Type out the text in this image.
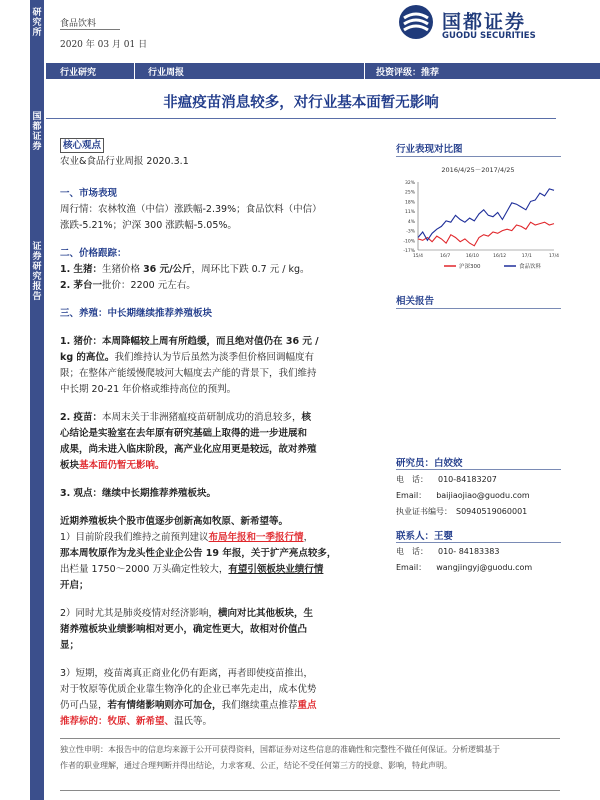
研究所
国都证券
证券研究报告
食品饮料
2020 年 03 月 01 日
国都证券
GUODU SECURITIES
行业研究	行业周报	投资评级：推荐
非瘟疫苗消息较多，对行业基本面暂无影响
核心观点
农业&食品行业周报 2020.3.1
一、市场表现
周行情：农林牧渔（中信）涨跌幅-2.39%；食品饮料（中信）
涨跌-5.21%；沪深 300 涨跌幅-5.05%。
二、价格跟踪：
1. 生猪：生猪价格 36 元/公斤，周环比下跌 0.7 元 / kg。
2. 茅台一批价：2200 元左右。
三、养殖：中长期继续推荐养殖板块
1. 猪价：本周降幅较上周有所趋缓，而且绝对值仍在 36 元 /
kg 的高位。我们维持认为节后虽然为淡季但价格回调幅度有
限；在整体产能缓慢爬坡河大幅度去产能的背景下，我们维持
中长期 20-21 年价格或维持高位的预判。
2. 疫苗：本周末关于非洲猪瘟疫苗研制成功的消息较多，核
心结论是实验室在去年原有研究基础上取得的进一步进展和
成果，尚未进入临床阶段，高产业化应用更是较远，故对养殖
板块基本面仍暂无影响。
3. 观点：继续中长期推荐养殖板块。
近期养殖板块个股市值逐步创新高如牧原、新希望等。
1）目前阶段我们维持之前预判建议布局年报和一季报行情，
那本周牧原作为龙头性企业企公告 19 年报，关于扩产亮点较多，
出栏量 1750～2000 万头确定性较大，有望引领板块业绩行情
开启；
2）同时尤其是肺炎疫情对经济影响，横向对比其他板块，生
猪养殖板块业绩影响相对更小，确定性更大，故相对价值凸
显；
3）短期，疫苗离真正商业化仍有距离，再者即使疫苗推出，
对于牧原等优质企业靠生物净化的企业已率先走出，成本优势
仍可凸显，若有情绪影响则亦可加仓，我们继续重点推荐重点
推荐标的：牧原、新希望、温氏等。
行业表现对比图
2016/4/25－2017/4/25
32%
25%
18%
11%
4%
-3%
-10%
-17%
15/4	16/7	16/10	16/12	17/1	17/4
沪深300	食品饮料
相关报告
研究员：白姣姣
电　话： 010-84183207
Email： baijiaojiao@guodu.com
执业证书编号： S0940519060001
联系人：王婴
电　话： 010- 84183383
Email： wangjingyj@guodu.com
独立性申明：本报告中的信息均来源于公开可获得资料，国都证券对这些信息的准确性和完整性不做任何保证。分析逻辑基于
作者的职业理解，通过合理判断并得出结论，力求客观、公正，结论不受任何第三方的授意、影响，特此声明。
